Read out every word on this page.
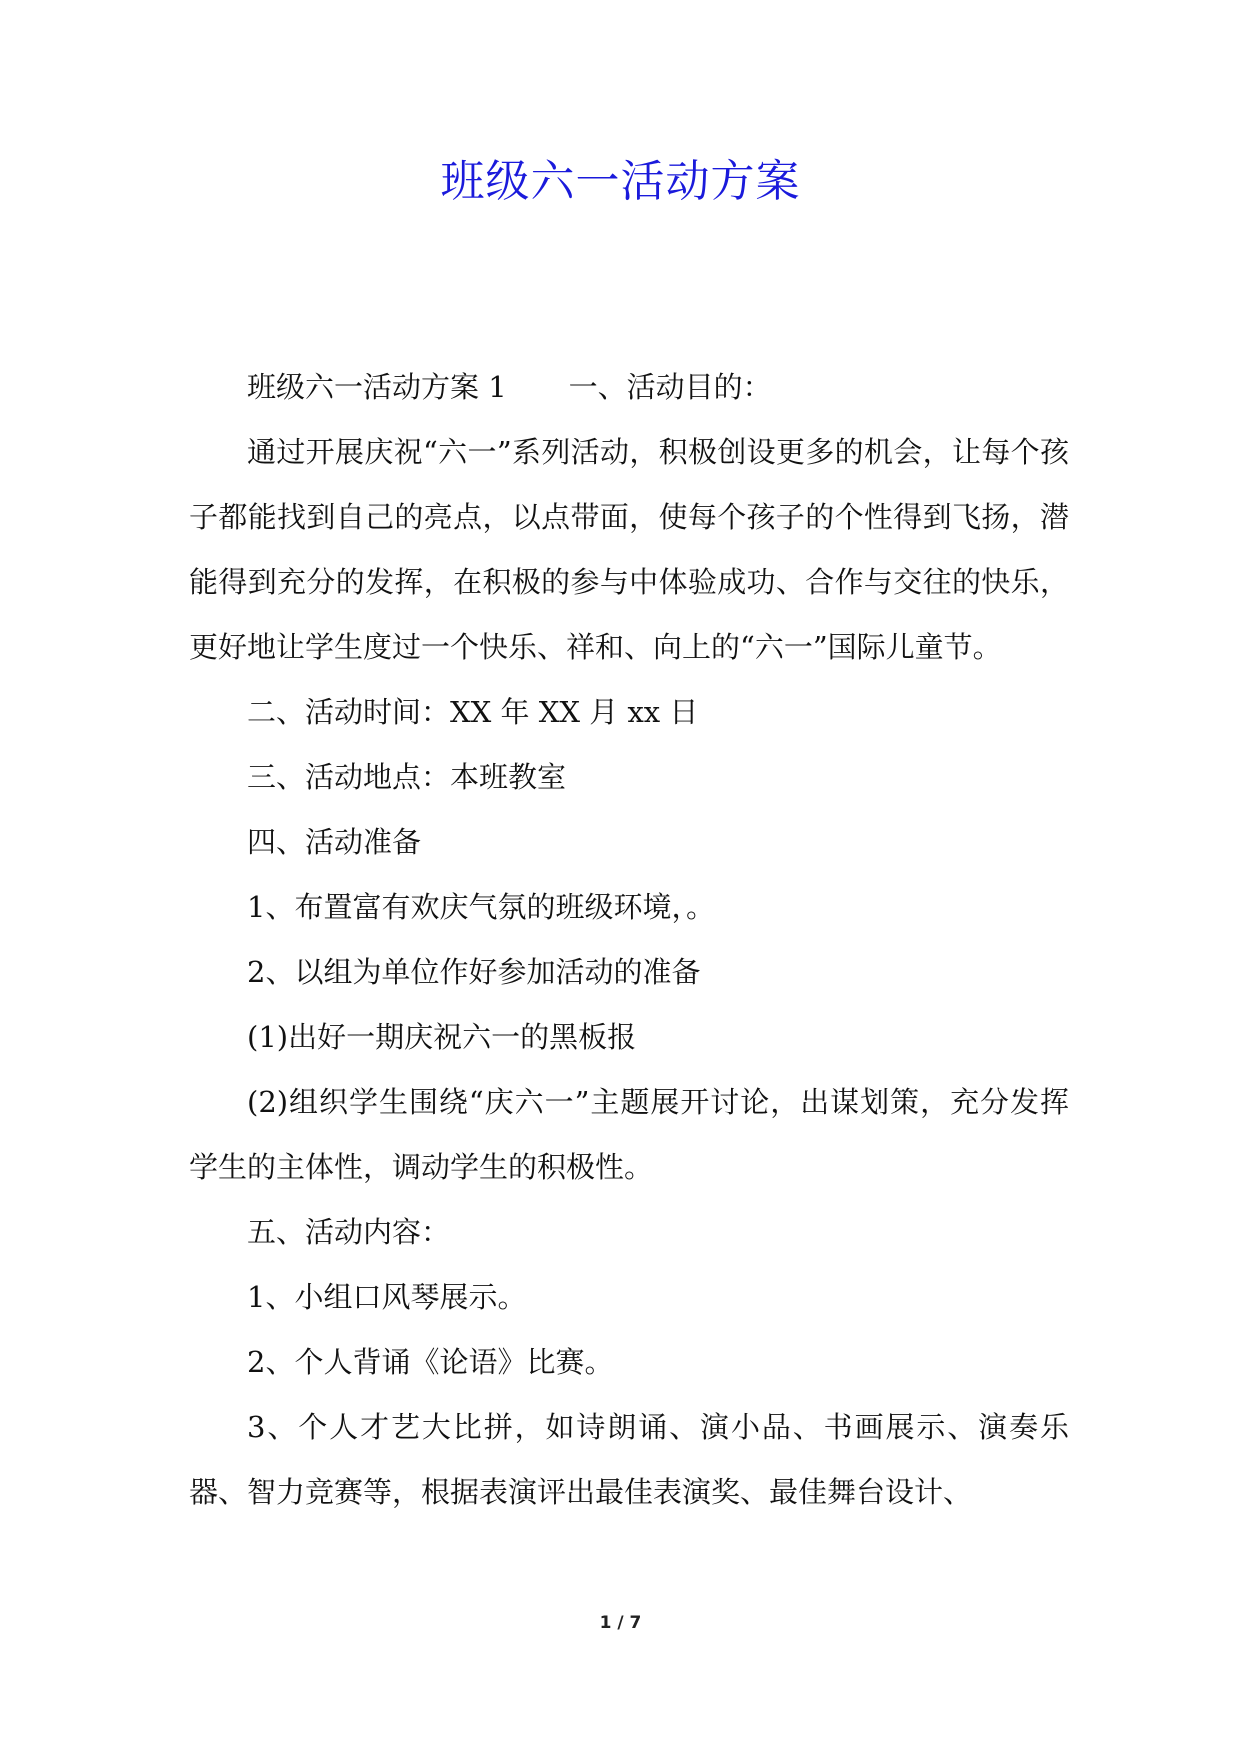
班级六一活动方案

班级六一活动方案 1 一、活动目的：

通过开展庆祝“六一”系列活动，积极创设更多的机会，让每个孩子都能找到自己的亮点，以点带面，使每个孩子的个性得到飞扬，潜能得到充分的发挥，在积极的参与中体验成功、合作与交往的快乐，更好地让学生度过一个快乐、祥和、向上的“六一”国际儿童节。

二、活动时间：XX 年 XX 月 xx 日

三、活动地点：本班教室

四、活动准备

1、布置富有欢庆气氛的班级环境，。

2、以组为单位作好参加活动的准备

(1)出好一期庆祝六一的黑板报

(2)组织学生围绕“庆六一”主题展开讨论，出谋划策，充分发挥学生的主体性，调动学生的积极性。

五、活动内容：

1、小组口风琴展示。

2、个人背诵《论语》比赛。

3、个人才艺大比拼，如诗朗诵、演小品、书画展示、演奏乐器、智力竞赛等，根据表演评出最佳表演奖、最佳舞台设计、

1 / 7
